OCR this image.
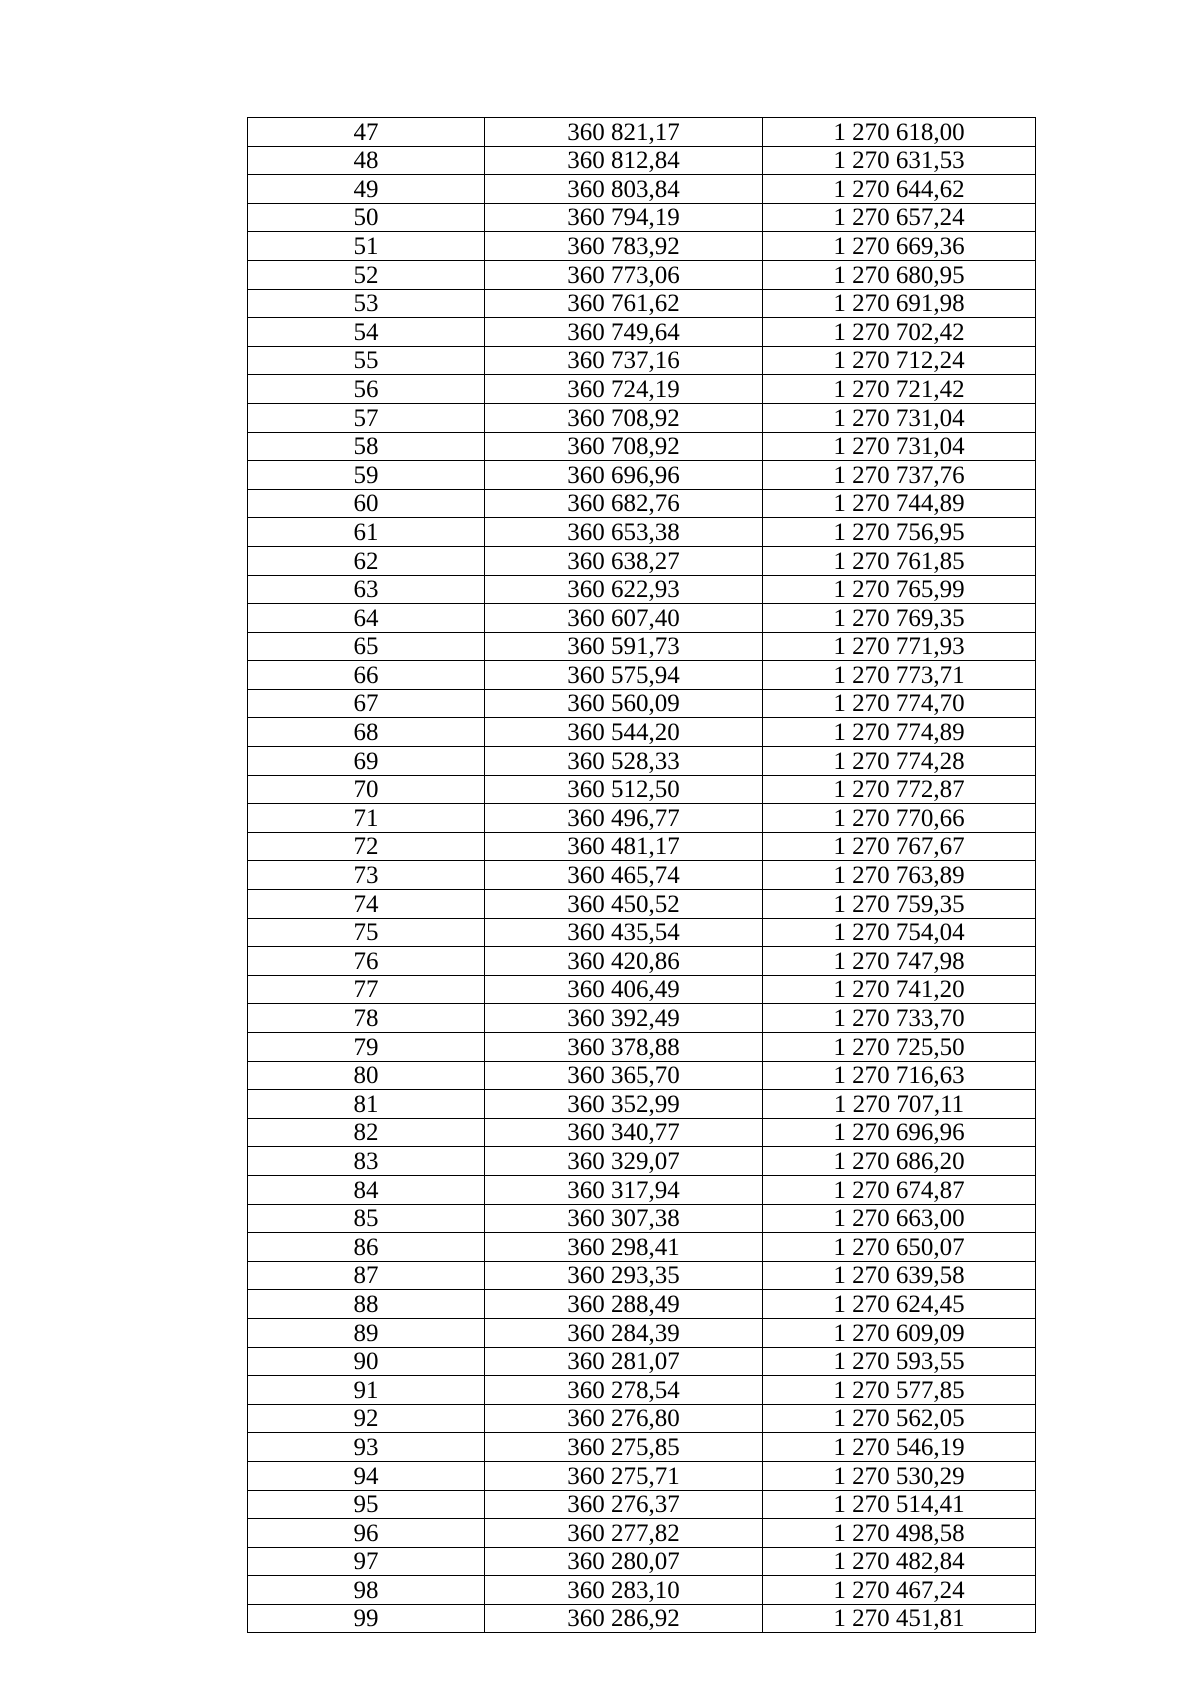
47	360 821,17	1 270 618,00
48	360 812,84	1 270 631,53
49	360 803,84	1 270 644,62
50	360 794,19	1 270 657,24
51	360 783,92	1 270 669,36
52	360 773,06	1 270 680,95
53	360 761,62	1 270 691,98
54	360 749,64	1 270 702,42
55	360 737,16	1 270 712,24
56	360 724,19	1 270 721,42
57	360 708,92	1 270 731,04
58	360 708,92	1 270 731,04
59	360 696,96	1 270 737,76
60	360 682,76	1 270 744,89
61	360 653,38	1 270 756,95
62	360 638,27	1 270 761,85
63	360 622,93	1 270 765,99
64	360 607,40	1 270 769,35
65	360 591,73	1 270 771,93
66	360 575,94	1 270 773,71
67	360 560,09	1 270 774,70
68	360 544,20	1 270 774,89
69	360 528,33	1 270 774,28
70	360 512,50	1 270 772,87
71	360 496,77	1 270 770,66
72	360 481,17	1 270 767,67
73	360 465,74	1 270 763,89
74	360 450,52	1 270 759,35
75	360 435,54	1 270 754,04
76	360 420,86	1 270 747,98
77	360 406,49	1 270 741,20
78	360 392,49	1 270 733,70
79	360 378,88	1 270 725,50
80	360 365,70	1 270 716,63
81	360 352,99	1 270 707,11
82	360 340,77	1 270 696,96
83	360 329,07	1 270 686,20
84	360 317,94	1 270 674,87
85	360 307,38	1 270 663,00
86	360 298,41	1 270 650,07
87	360 293,35	1 270 639,58
88	360 288,49	1 270 624,45
89	360 284,39	1 270 609,09
90	360 281,07	1 270 593,55
91	360 278,54	1 270 577,85
92	360 276,80	1 270 562,05
93	360 275,85	1 270 546,19
94	360 275,71	1 270 530,29
95	360 276,37	1 270 514,41
96	360 277,82	1 270 498,58
97	360 280,07	1 270 482,84
98	360 283,10	1 270 467,24
99	360 286,92	1 270 451,81
